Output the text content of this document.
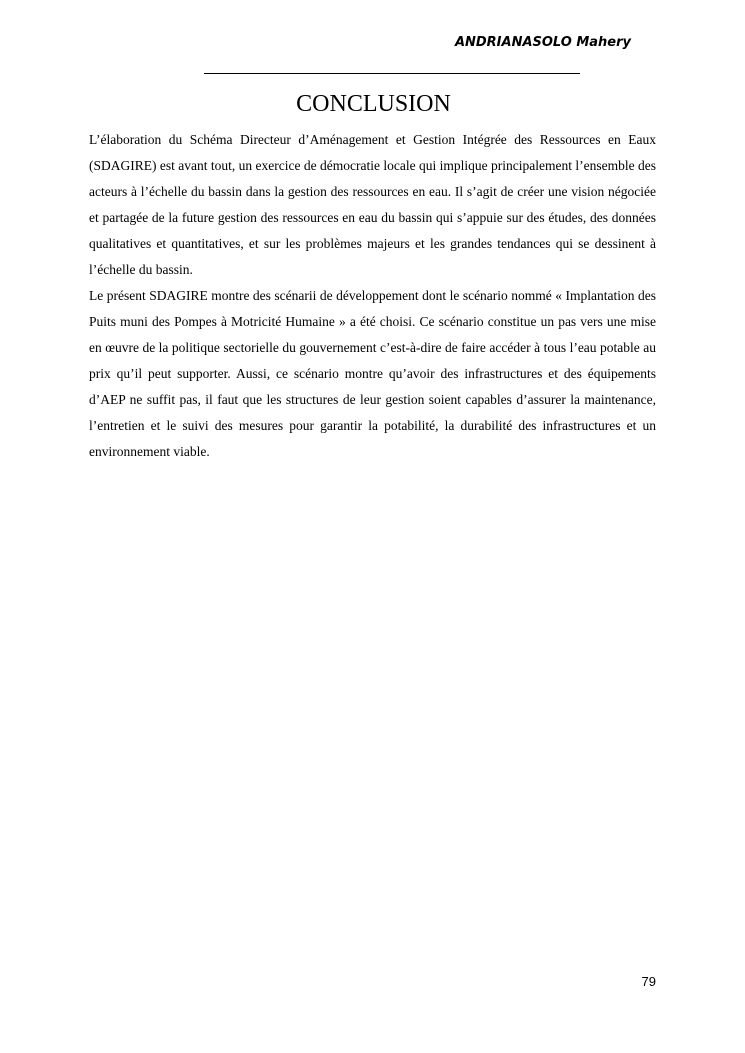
ANDRIANASOLO Mahery
CONCLUSION

L’élaboration du Schéma Directeur d’Aménagement et Gestion Intégrée des Ressources en Eaux (SDAGIRE) est avant tout, un exercice de démocratie locale qui implique principalement l’ensemble des acteurs à l’échelle du bassin dans la gestion des ressources en eau. Il s’agit de créer une vision négociée et partagée de la future gestion des ressources en eau du bassin qui s’appuie sur des études, des données qualitatives et quantitatives, et sur les problèmes majeurs et les grandes tendances qui se dessinent à l’échelle du bassin.

Le présent SDAGIRE montre des scénarii de développement dont le scénario nommé « Implantation des Puits muni des Pompes à Motricité Humaine » a été choisi. Ce scénario constitue un pas vers une mise en œuvre de la politique sectorielle du gouvernement c’est-à-dire de faire accéder à tous l’eau potable au prix qu’il peut supporter. Aussi, ce scénario montre qu’avoir des infrastructures et des équipements d’AEP ne suffit pas, il faut que les structures de leur gestion soient capables d’assurer la maintenance, l’entretien et le suivi des mesures pour garantir la potabilité, la durabilité des infrastructures et un environnement viable.

79
